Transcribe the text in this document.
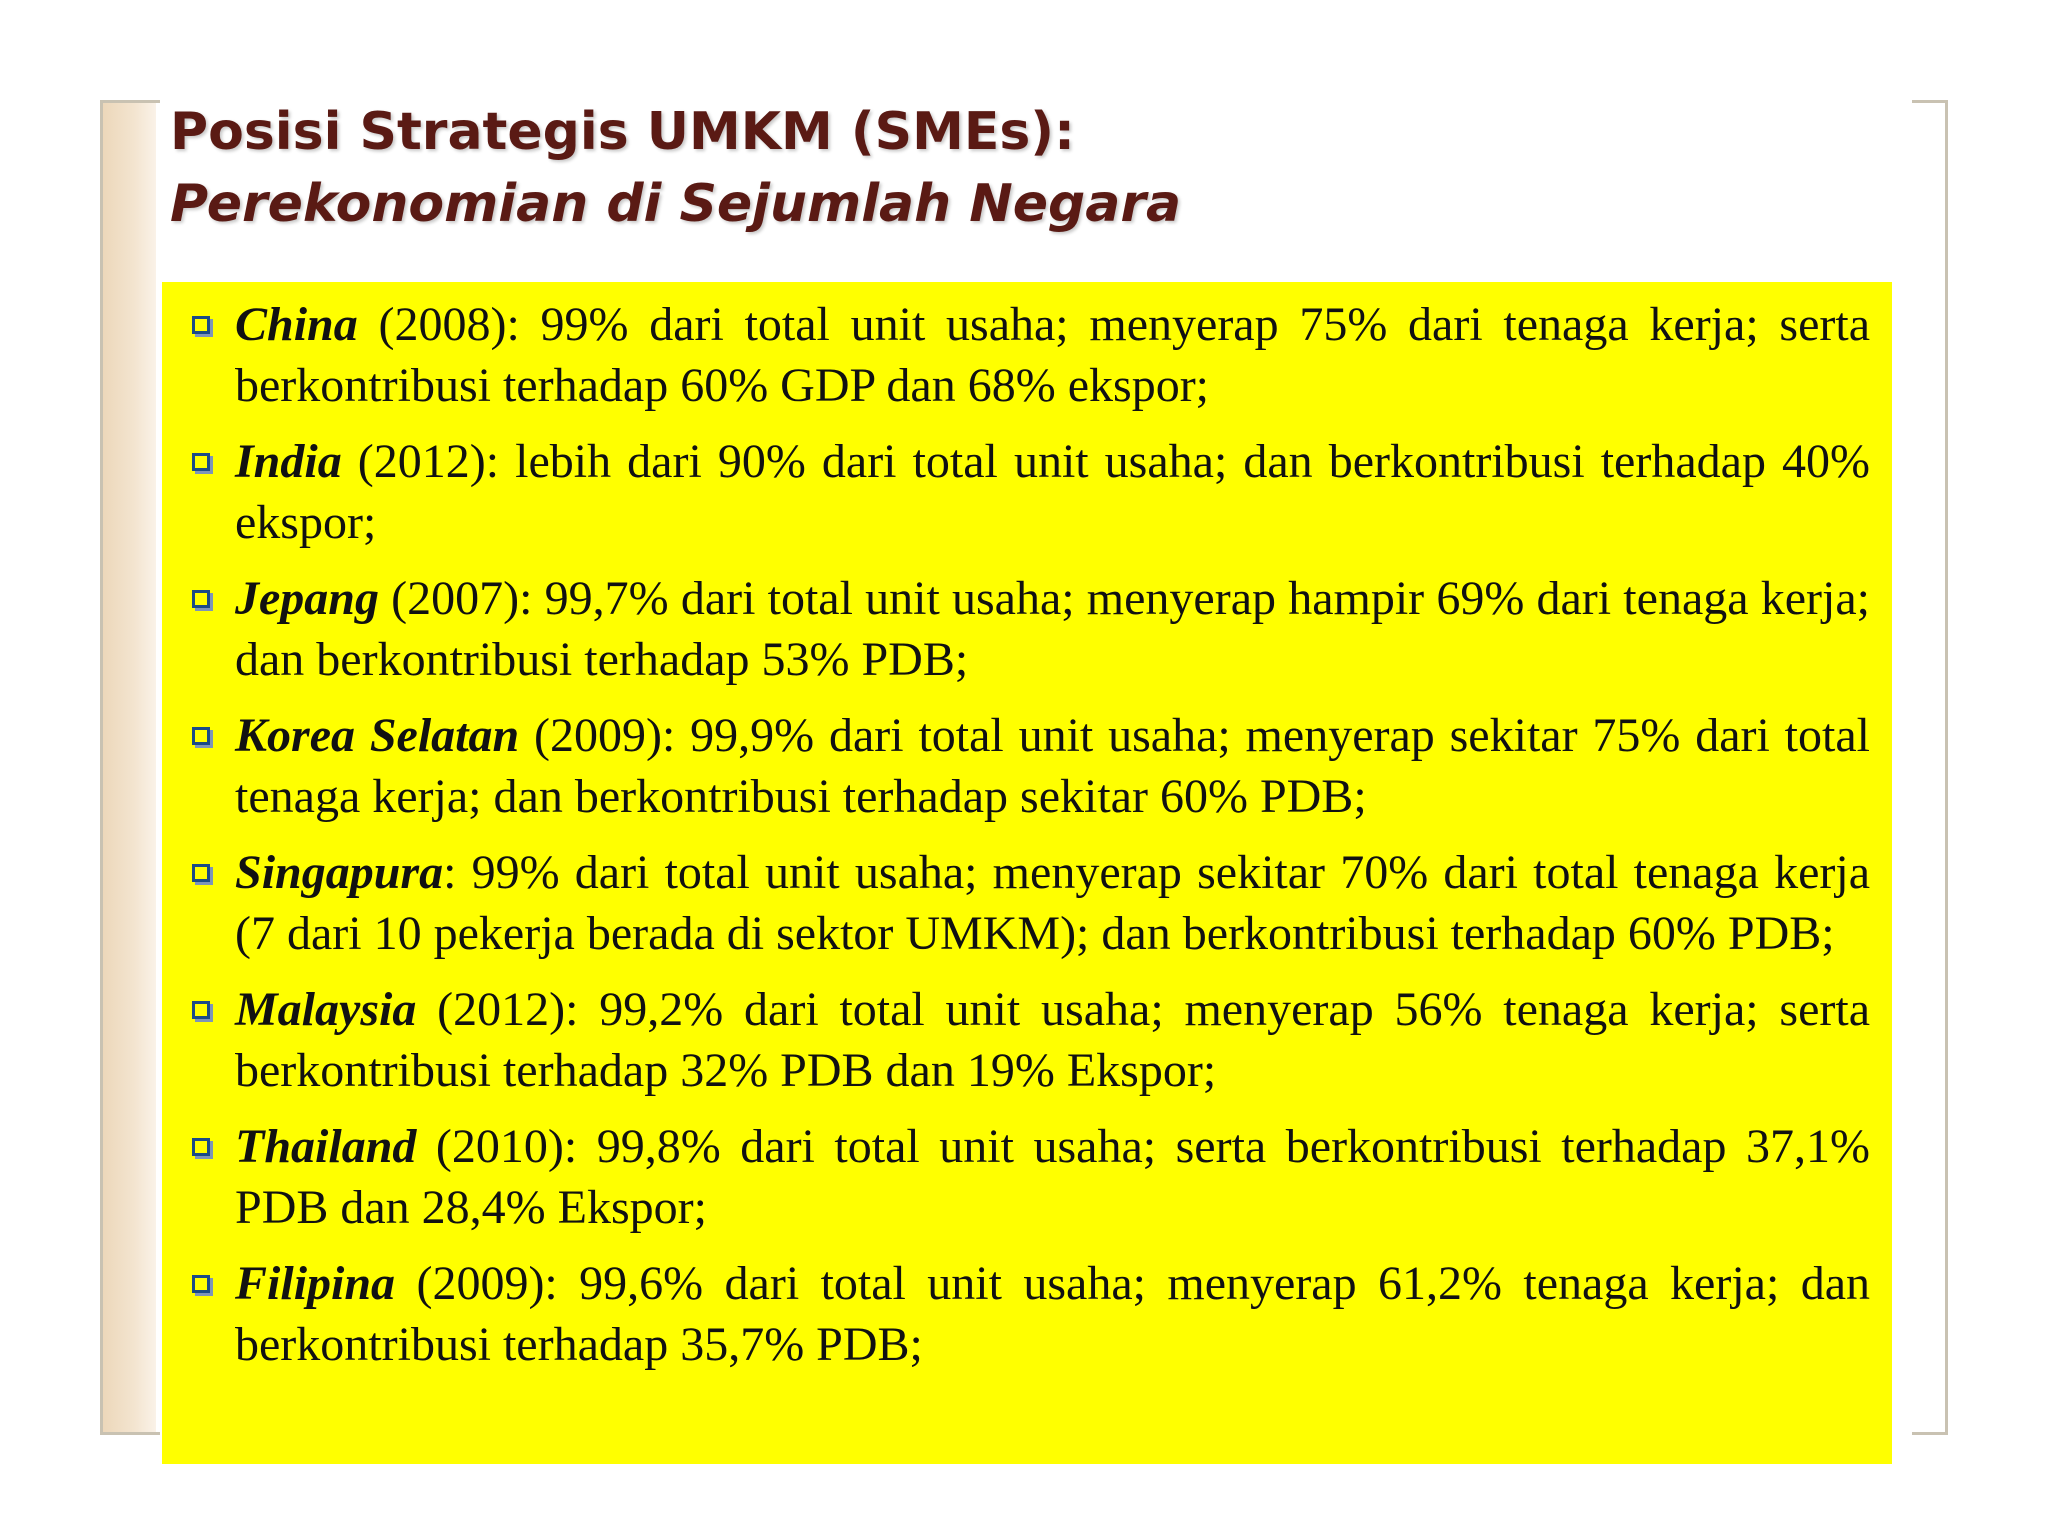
Posisi Strategis UMKM (SMEs):
Perekonomian di Sejumlah Negara
China (2008): 99% dari total unit usaha; menyerap 75% dari tenaga kerja; serta berkontribusi terhadap 60% GDP dan 68% ekspor;
India (2012): lebih dari 90% dari total unit usaha; dan berkontribusi terhadap 40% ekspor;
Jepang (2007): 99,7% dari total unit usaha; menyerap hampir 69% dari tenaga kerja; dan berkontribusi terhadap 53% PDB;
Korea Selatan (2009): 99,9% dari total unit usaha; menyerap sekitar 75% dari total tenaga kerja; dan berkontribusi terhadap sekitar 60% PDB;
Singapura: 99% dari total unit usaha; menyerap sekitar 70% dari total tenaga kerja (7 dari 10 pekerja berada di sektor UMKM); dan berkontribusi terhadap 60% PDB;
Malaysia (2012): 99,2% dari total unit usaha; menyerap 56% tenaga kerja; serta berkontribusi terhadap 32% PDB dan 19% Ekspor;
Thailand (2010): 99,8% dari total unit usaha; serta berkontribusi terhadap 37,1% PDB dan 28,4% Ekspor;
Filipina (2009): 99,6% dari total unit usaha; menyerap 61,2% tenaga kerja; dan berkontribusi terhadap 35,7% PDB;
